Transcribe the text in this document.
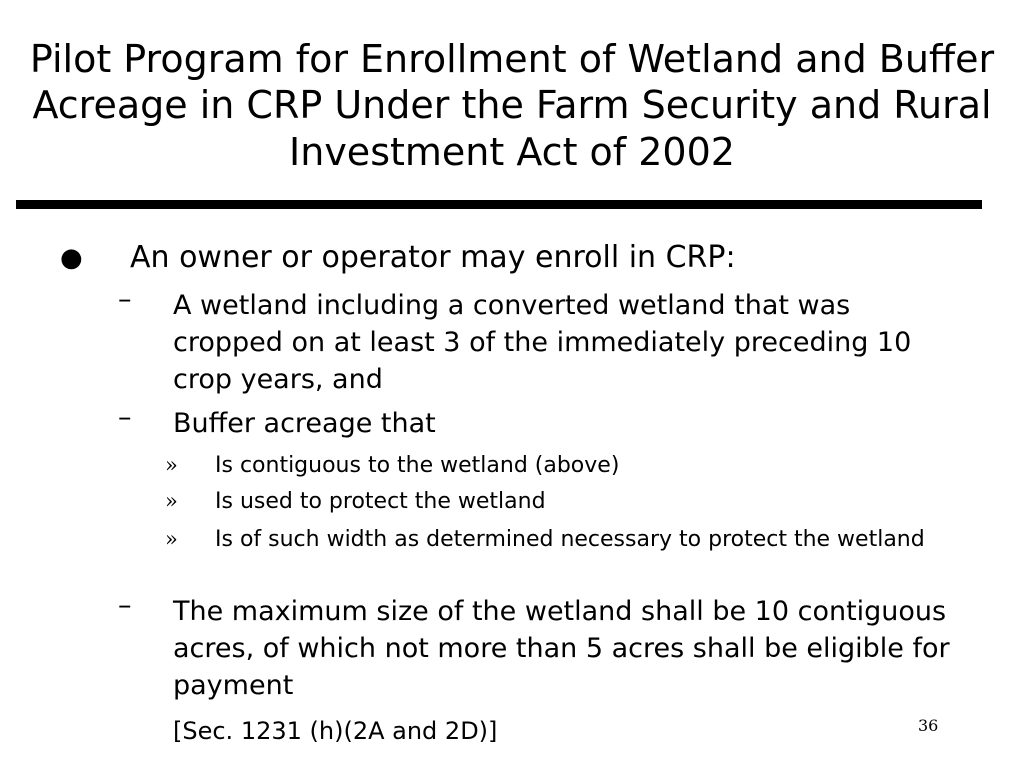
Pilot Program for Enrollment of Wetland and Buffer Acreage in CRP Under the Farm Security and Rural Investment Act of 2002
● An owner or operator may enroll in CRP:
– A wetland including a converted wetland that was cropped on at least 3 of the immediately preceding 10 crop years, and
– Buffer acreage that
» Is contiguous to the wetland (above)
» Is used to protect the wetland
» Is of such width as determined necessary to protect the wetland
– The maximum size of the wetland shall be 10 contiguous acres, of which not more than 5 acres shall be eligible for payment
[Sec. 1231 (h)(2A and 2D)]	36
